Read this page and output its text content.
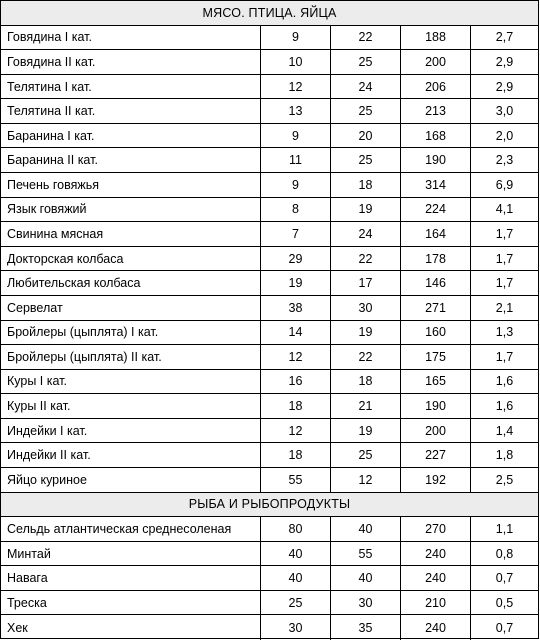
МЯСО. ПТИЦА. ЯЙЦА
Говядина I кат.	9	22	188	2,7
Говядина II кат.	10	25	200	2,9
Телятина I кат.	12	24	206	2,9
Телятина II кат.	13	25	213	3,0
Баранина I кат.	9	20	168	2,0
Баранина II кат.	11	25	190	2,3
Печень говяжья	9	18	314	6,9
Язык говяжий	8	19	224	4,1
Свинина мясная	7	24	164	1,7
Докторская колбаса	29	22	178	1,7
Любительская колбаса	19	17	146	1,7
Сервелат	38	30	271	2,1
Бройлеры (цыплята) I кат.	14	19	160	1,3
Бройлеры (цыплята) II кат.	12	22	175	1,7
Куры I кат.	16	18	165	1,6
Куры II кат.	18	21	190	1,6
Индейки I кат.	12	19	200	1,4
Индейки II кат.	18	25	227	1,8
Яйцо куриное	55	12	192	2,5
РЫБА И РЫБОПРОДУКТЫ
Сельдь атлантическая среднесоленая	80	40	270	1,1
Минтай	40	55	240	0,8
Навага	40	40	240	0,7
Треска	25	30	210	0,5
Хек	30	35	240	0,7
